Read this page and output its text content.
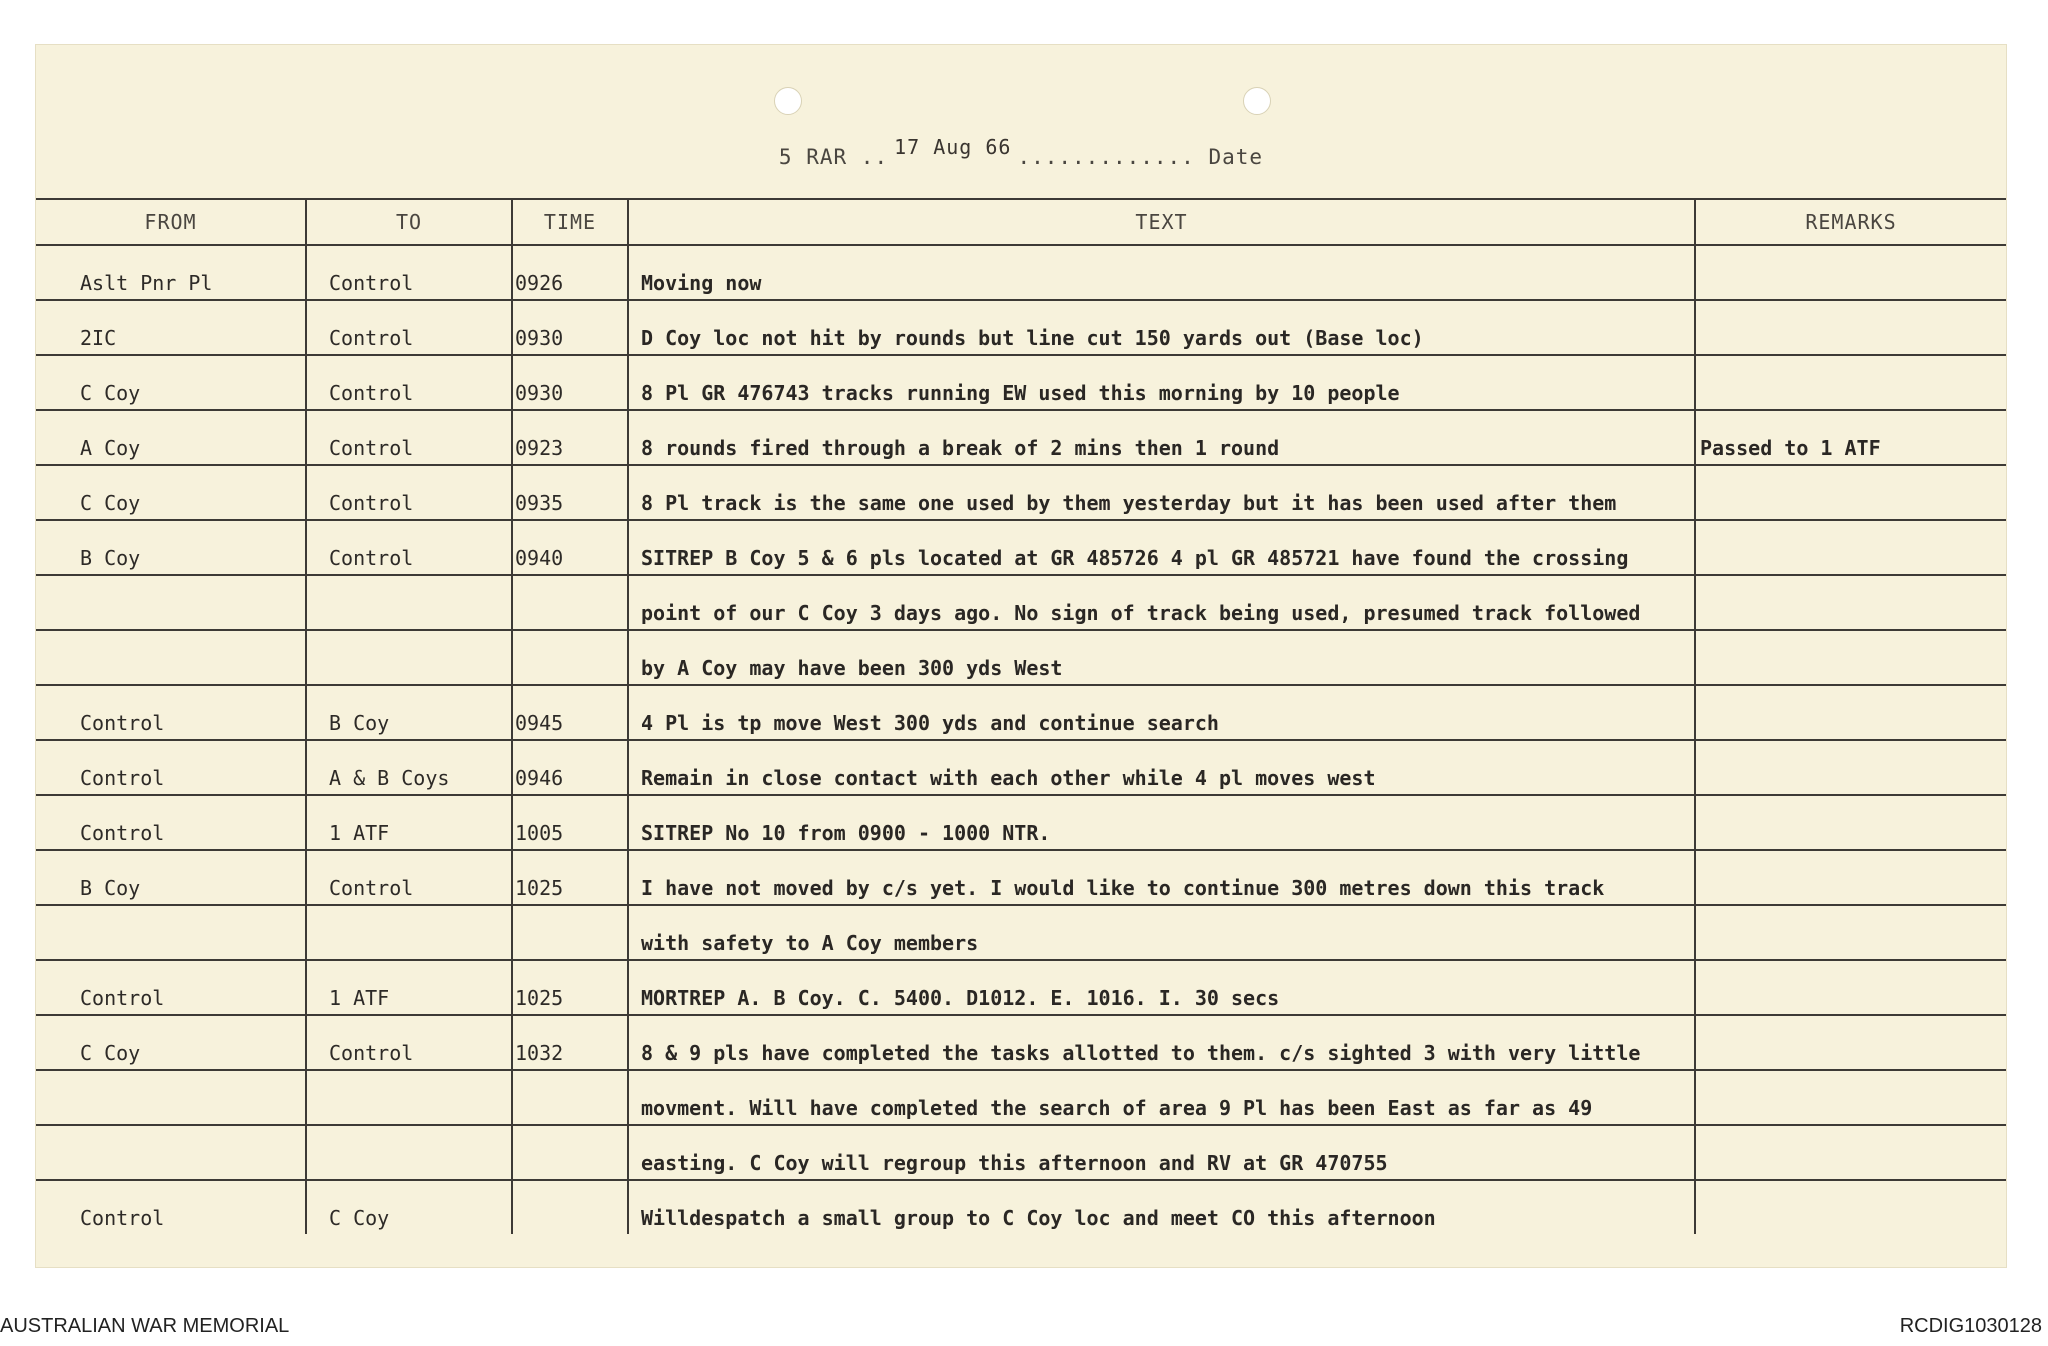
5 RAR .. 17 Aug 66 ............. Date
FROM	TO	TIME	TEXT	REMARKS
Aslt Pnr Pl	Control	0926	Moving now	
2IC	Control	0930	D Coy loc not hit by rounds but line cut 150 yards out (Base loc)	
C Coy	Control	0930	8 Pl GR 476743 tracks running EW used this morning by 10 people	
A Coy	Control	0923	8 rounds fired through a break of 2 mins then 1 round	Passed to 1 ATF
C Coy	Control	0935	8 Pl track is the same one used by them yesterday but it has been used after them	
B Coy	Control	0940	SITREP B Coy 5 & 6 pls located at GR 485726 4 pl GR 485721 have found the crossing	
			point of our C Coy 3 days ago. No sign of track being used, presumed track followed	
			by A Coy may have been 300 yds West	
Control	B Coy	0945	4 Pl is tp move West 300 yds and continue search	
Control	A & B Coys	0946	Remain in close contact with each other while 4 pl moves west	
Control	1 ATF	1005	SITREP No 10 from 0900 - 1000 NTR.	
B Coy	Control	1025	I have not moved by c/s yet. I would like to continue 300 metres down this track	
			with safety to A Coy members	
Control	1 ATF	1025	MORTREP A. B Coy. C. 5400. D1012. E. 1016. I. 30 secs	
C Coy	Control	1032	8 & 9 pls have completed the tasks allotted to them. c/s sighted 3 with very little	
			movment. Will have completed the search of area 9 Pl has been East as far as 49	
			easting. C Coy will regroup this afternoon and RV at GR 470755	
Control	C Coy		Willdespatch a small group to C Coy loc and meet CO this afternoon	
AUSTRALIAN WAR MEMORIAL	RCDIG1030128
